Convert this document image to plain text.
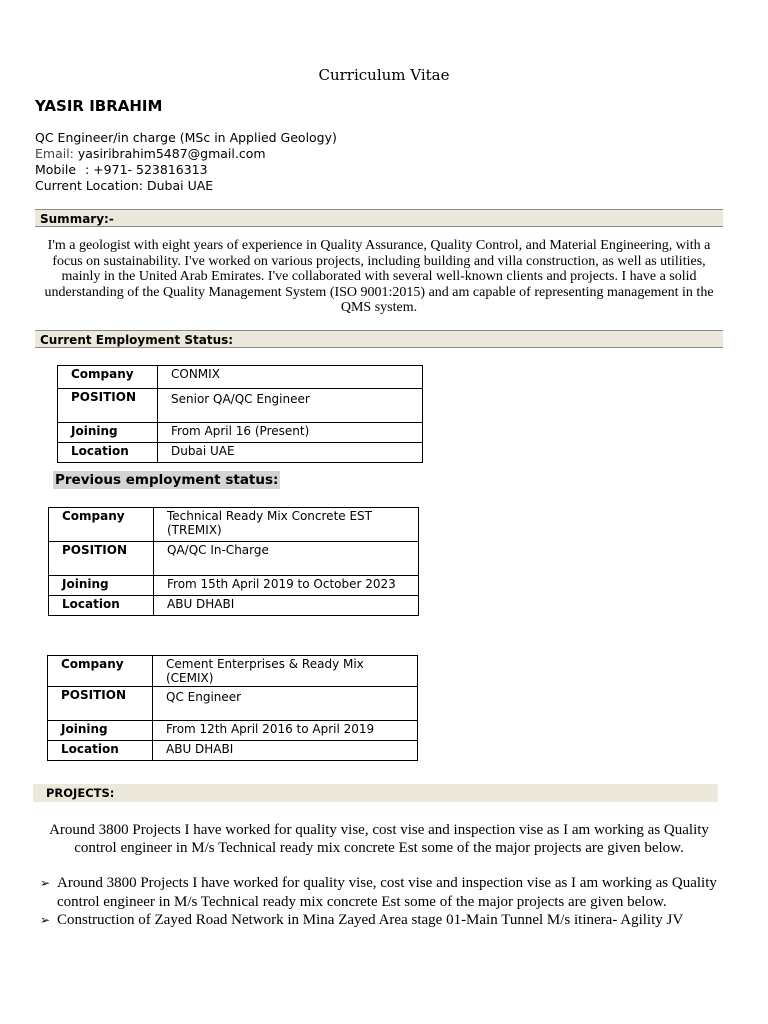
Curriculum Vitae
YASIR IBRAHIM
QC Engineer/in charge (MSc in Applied Geology)
Email: yasiribrahim5487@gmail.com
Mobile : +971- 523816313
Current Location: Dubai UAE
Summary:-
I'm a geologist with eight years of experience in Quality Assurance, Quality Control, and Material Engineering, with a focus on sustainability. I've worked on various projects, including building and villa construction, as well as utilities, mainly in the United Arab Emirates. I've collaborated with several well-known clients and projects. I have a solid understanding of the Quality Management System (ISO 9001:2015) and am capable of representing management in the QMS system.
Current Employment Status:
Company	CONMIX
POSITION	Senior QA/QC Engineer
Joining	From April 16 (Present)
Location	Dubai UAE
Previous employment status:
Company	Technical Ready Mix Concrete EST (TREMIX)
POSITION	QA/QC In-Charge
Joining	From 15th April 2019 to October 2023
Location	ABU DHABI
Company	Cement Enterprises & Ready Mix (CEMIX)
POSITION	QC Engineer
Joining	From 12th April 2016 to April 2019
Location	ABU DHABI
PROJECTS:
Around 3800 Projects I have worked for quality vise, cost vise and inspection vise as I am working as Quality control engineer in M/s Technical ready mix concrete Est some of the major projects are given below.
➢ Around 3800 Projects I have worked for quality vise, cost vise and inspection vise as I am working as Quality control engineer in M/s Technical ready mix concrete Est some of the major projects are given below.
➢ Construction of Zayed Road Network in Mina Zayed Area stage 01-Main Tunnel M/s itinera- Agility JV
